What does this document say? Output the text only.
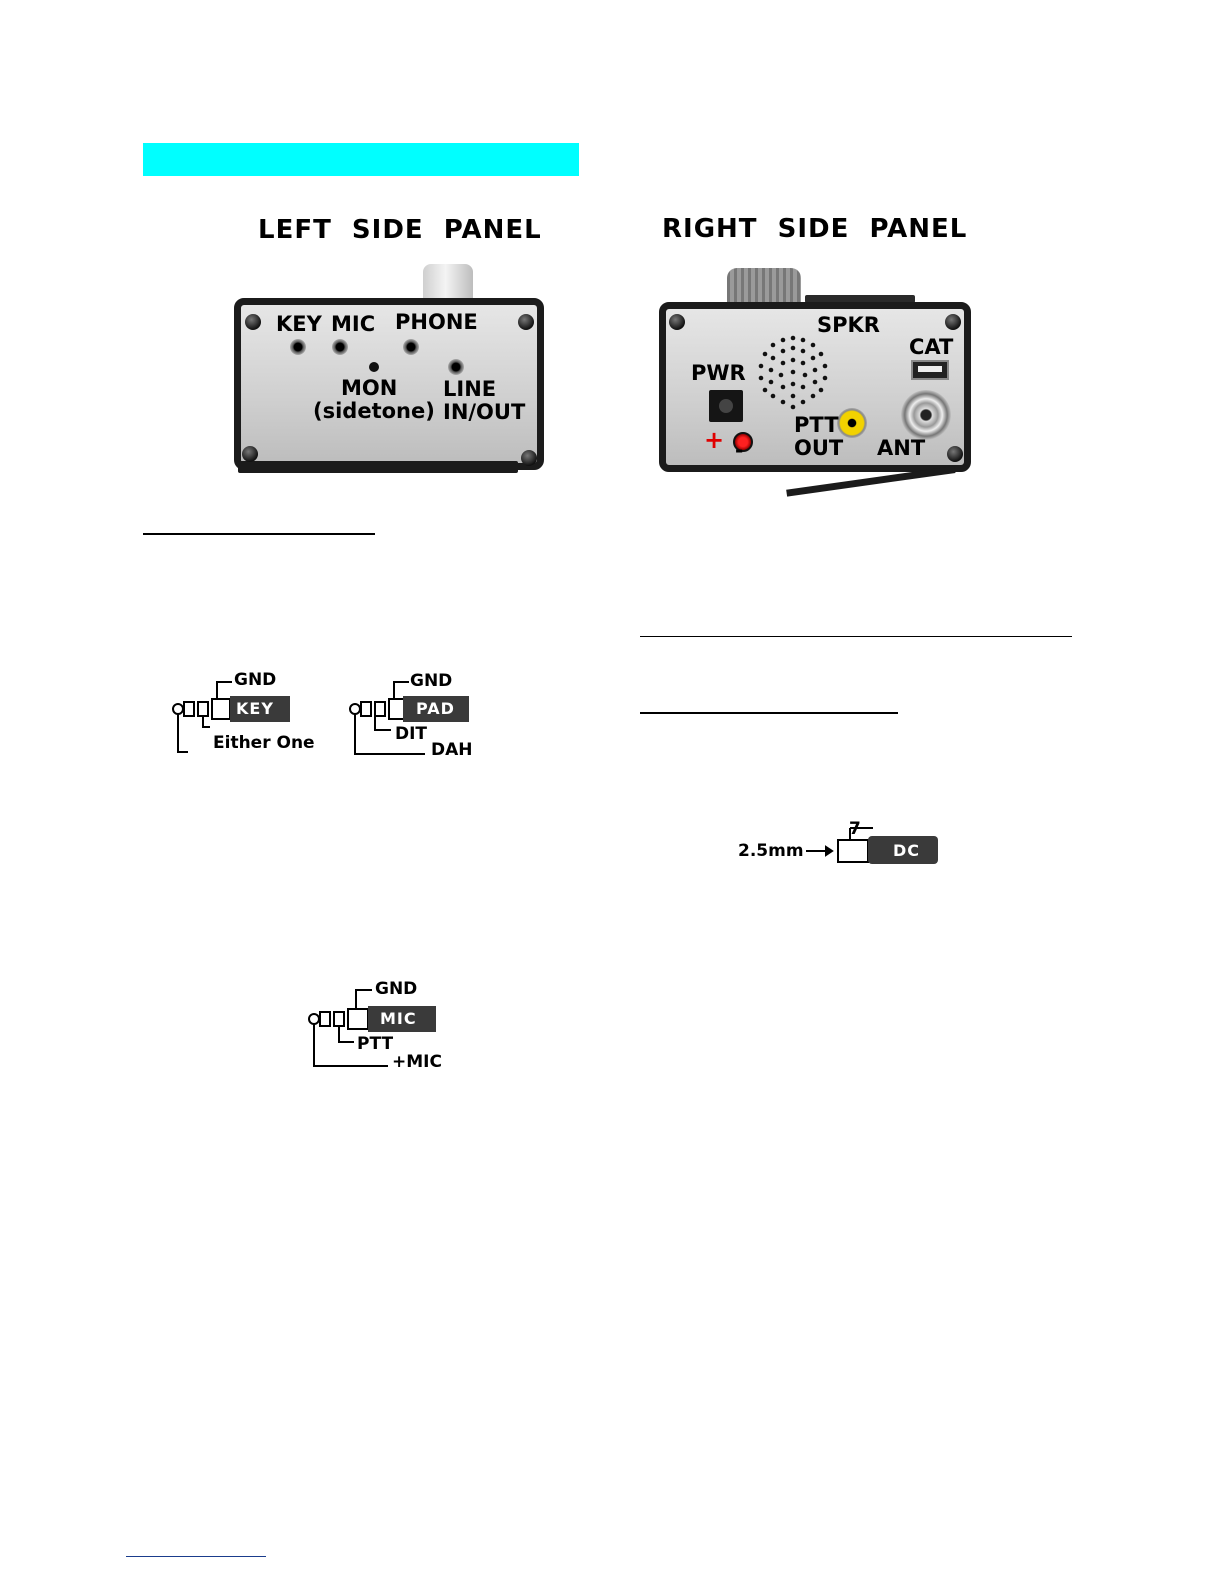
LEFT  SIDE  PANEL	RIGHT  SIDE  PANEL
KEY MIC PHONE
MON
(sidetone)
LINE
IN/OUT
SPKR
CAT
PWR
+ -
PTT
OUT ANT
KEY
GND
Either One
PAD
GND
DIT
DAH
MIC
GND
PTT
+MIC
2.5mm
7
DC
